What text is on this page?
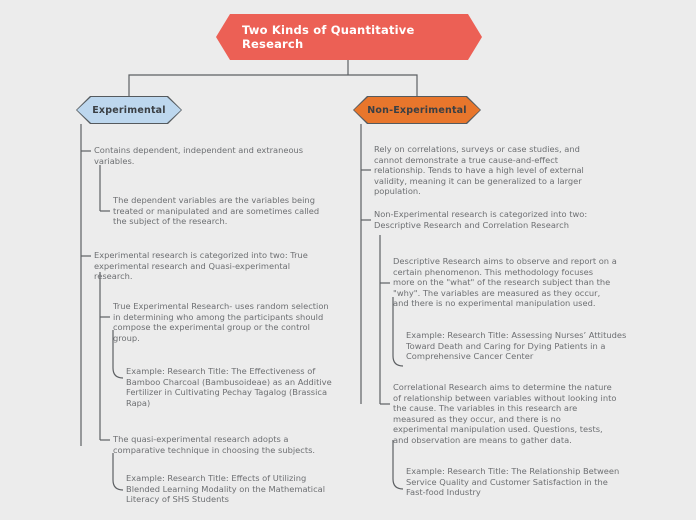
Two Kinds of Quantitative Research
Experimental	Non-Experimental
Contains dependent, independent and extraneous variables.
The dependent variables are the variables being treated or manipulated and are sometimes called the subject of the research.
Experimental research is categorized into two: True experimental research and Quasi-experimental research.
True Experimental Research- uses random selection in determining who among the participants should compose the experimental group or the control group.
Example: Research Title: The Effectiveness of Bamboo Charcoal (Bambusoideae) as an Additive Fertilizer in Cultivating Pechay Tagalog (Brassica Rapa)
The quasi-experimental research adopts a comparative technique in choosing the subjects.
Example: Research Title: Effects of Utilizing Blended Learning Modality on the Mathematical Literacy of SHS Students
Rely on correlations, surveys or case studies, and cannot demonstrate a true cause-and-effect relationship. Tends to have a high level of external validity, meaning it can be generalized to a larger population.
Non-Experimental research is categorized into two: Descriptive Research and Correlation Research
Descriptive Research aims to observe and report on a certain phenomenon. This methodology focuses more on the "what" of the research subject than the "why". The variables are measured as they occur, and there is no experimental manipulation used.
Example: Research Title: Assessing Nurses’ Attitudes Toward Death and Caring for Dying Patients in a Comprehensive Cancer Center
Correlational Research aims to determine the nature of relationship between variables without looking into the cause. The variables in this research are measured as they occur, and there is no experimental manipulation used. Questions, tests, and observation are means to gather data.
Example: Research Title: The Relationship Between Service Quality and Customer Satisfaction in the Fast-food Industry
